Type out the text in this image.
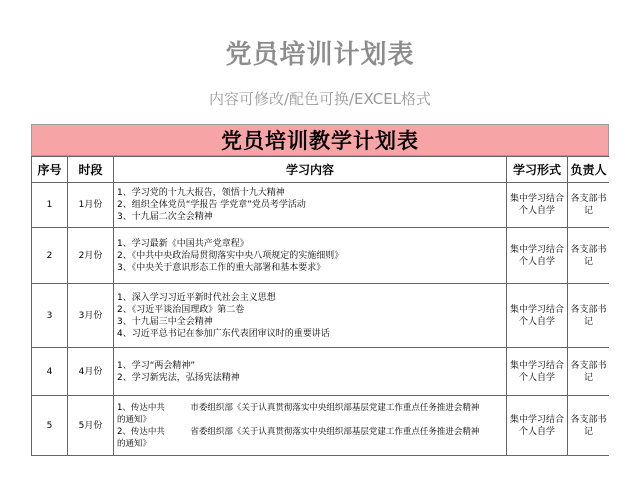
党员培训计划表
内容可修改/配色可换/EXCEL格式
党员培训教学计划表
序号	时段	学习内容	学习形式	负责人
1	1月份	1、学习党的十九大报告，领悟十九大精神
2、组织全体党员“学报告 学党章”党员考学活动
3、十九届二次全会精神	集中学习结合个人自学	各支部书记
2	2月份	1、学习最新《中国共产党章程》
2、《中共中央政治局贯彻落实中央八项规定的实施细则》
3、《中央关于意识形态工作的重大部署和基本要求》	集中学习结合个人自学	各支部书记
3	3月份	1、深入学习习近平新时代社会主义思想
2、《习近平谈治国理政》第二卷
3、十九届三中全会精神
4、习近平总书记在参加广东代表团审议时的重要讲话	集中学习结合个人自学	各支部书记
4	4月份	1、学习“两会精神”
2、学习新宪法，弘扬宪法精神	集中学习结合个人自学	各支部书记
5	5月份	1、传达中共　　　市委组织部《关于认真贯彻落实中央组织部基层党建工作重点任务推进会精神
的通知》
2、传达中共　　　省委组织部《关于认真贯彻落实中央组织部基层党建工作重点任务推进会精神
的通知》	集中学习结合个人自学	各支部书记
